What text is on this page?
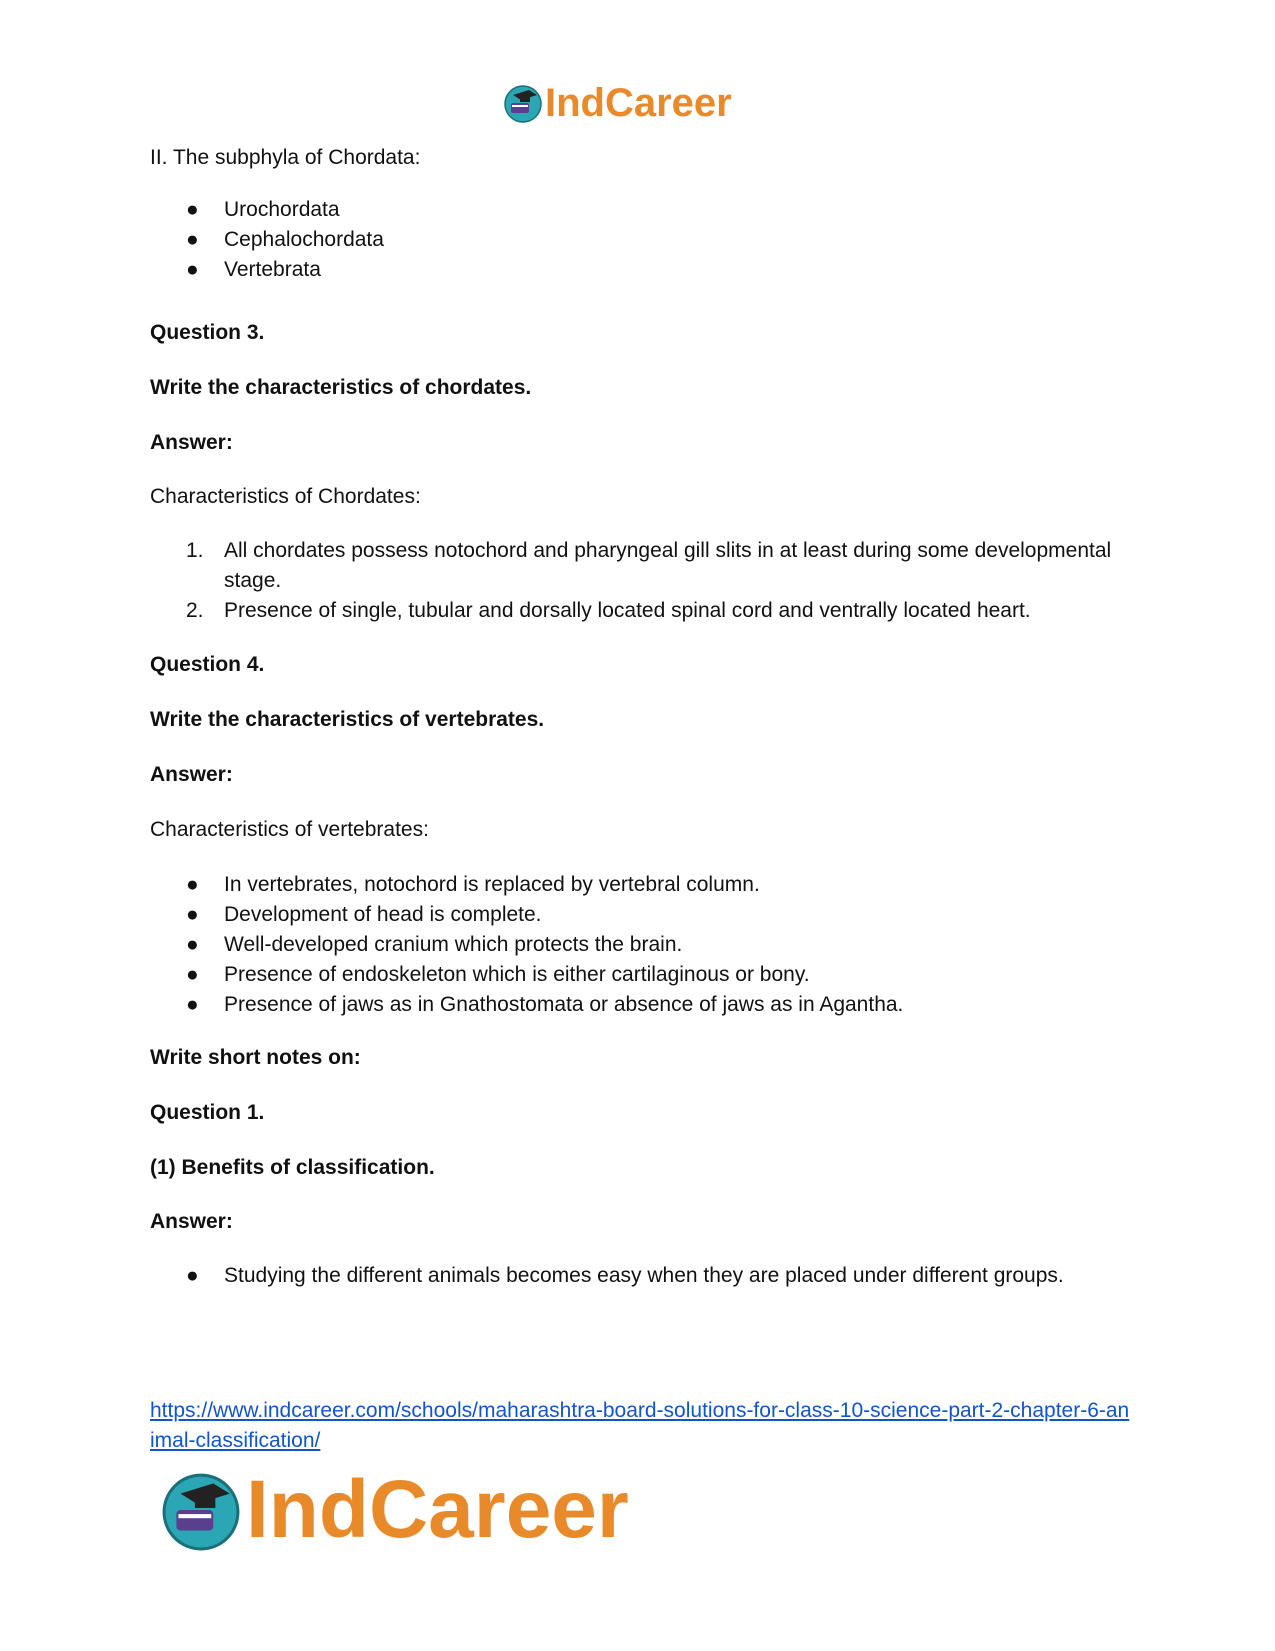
IndCareer
II. The subphyla of Chordata:
●	Urochordata
●	Cephalochordata
●	Vertebrata
Question 3.
Write the characteristics of chordates.
Answer:
Characteristics of Chordates:
1. All chordates possess notochord and pharyngeal gill slits in at least during some developmental stage.
2. Presence of single, tubular and dorsally located spinal cord and ventrally located heart.
Question 4.
Write the characteristics of vertebrates.
Answer:
Characteristics of vertebrates:
●	In vertebrates, notochord is replaced by vertebral column.
●	Development of head is complete.
●	Well-developed cranium which protects the brain.
●	Presence of endoskeleton which is either cartilaginous or bony.
●	Presence of jaws as in Gnathostomata or absence of jaws as in Agantha.
Write short notes on:
Question 1.
(1) Benefits of classification.
Answer:
●	Studying the different animals becomes easy when they are placed under different groups.
https://www.indcareer.com/schools/maharashtra-board-solutions-for-class-10-science-part-2-chapter-6-animal-classification/
IndCareer
